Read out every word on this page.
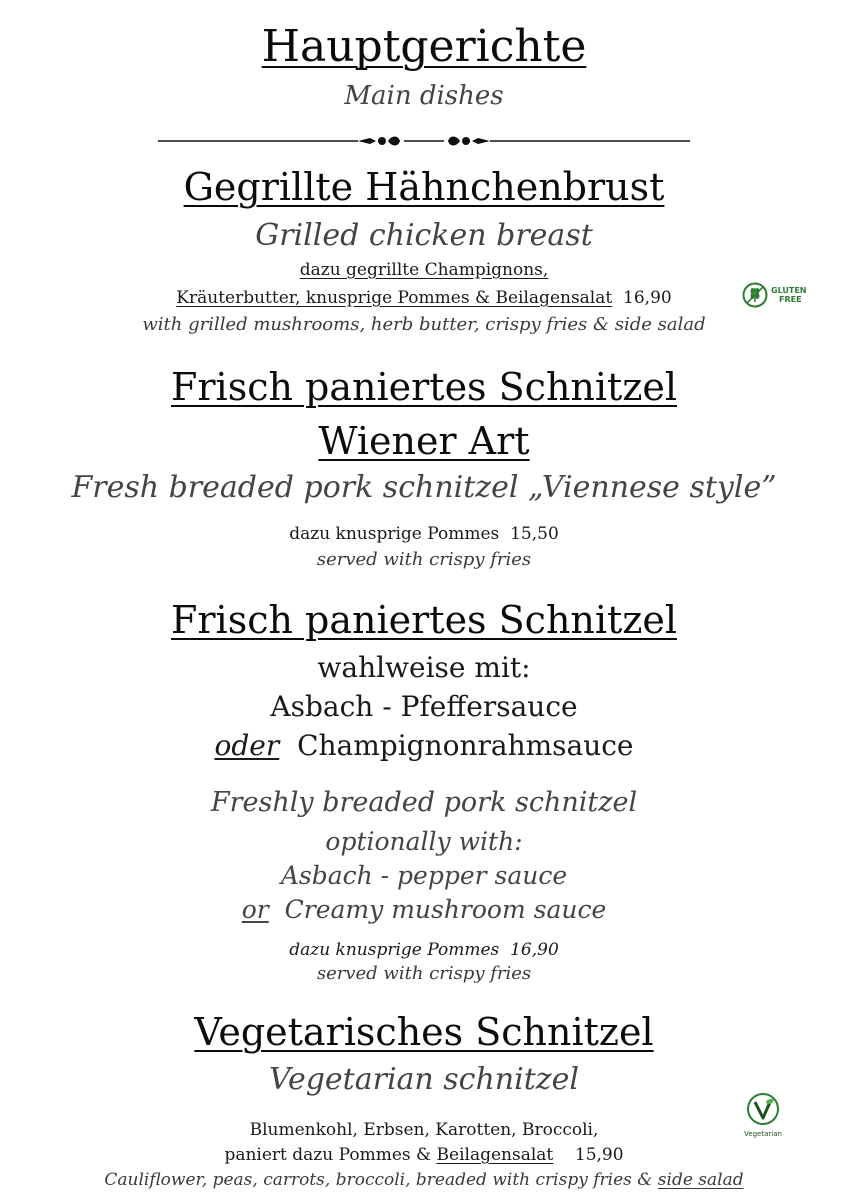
Hauptgerichte
Main dishes
Gegrillte Hähnchenbrust
Grilled chicken breast
dazu gegrillte Champignons,
Kräuterbutter, knusprige Pommes & Beilagensalat 16,90
with grilled mushrooms, herb butter, crispy fries & side salad
GLUTEN
FREE
Frisch paniertes Schnitzel
Wiener Art
Fresh breaded pork schnitzel „Viennese style”
dazu knusprige Pommes 15,50
served with crispy fries
Frisch paniertes Schnitzel
wahlweise mit:
Asbach - Pfeffersauce
oder Champignonrahmsauce
Freshly breaded pork schnitzel
optionally with:
Asbach - pepper sauce
or Creamy mushroom sauce
dazu knusprige Pommes 16,90
served with crispy fries
Vegetarisches Schnitzel
Vegetarian schnitzel
Blumenkohl, Erbsen, Karotten, Broccoli,
paniert dazu Pommes & Beilagensalat 15,90
Cauliflower, peas, carrots, broccoli, breaded with crispy fries & side salad
Vegetarian
